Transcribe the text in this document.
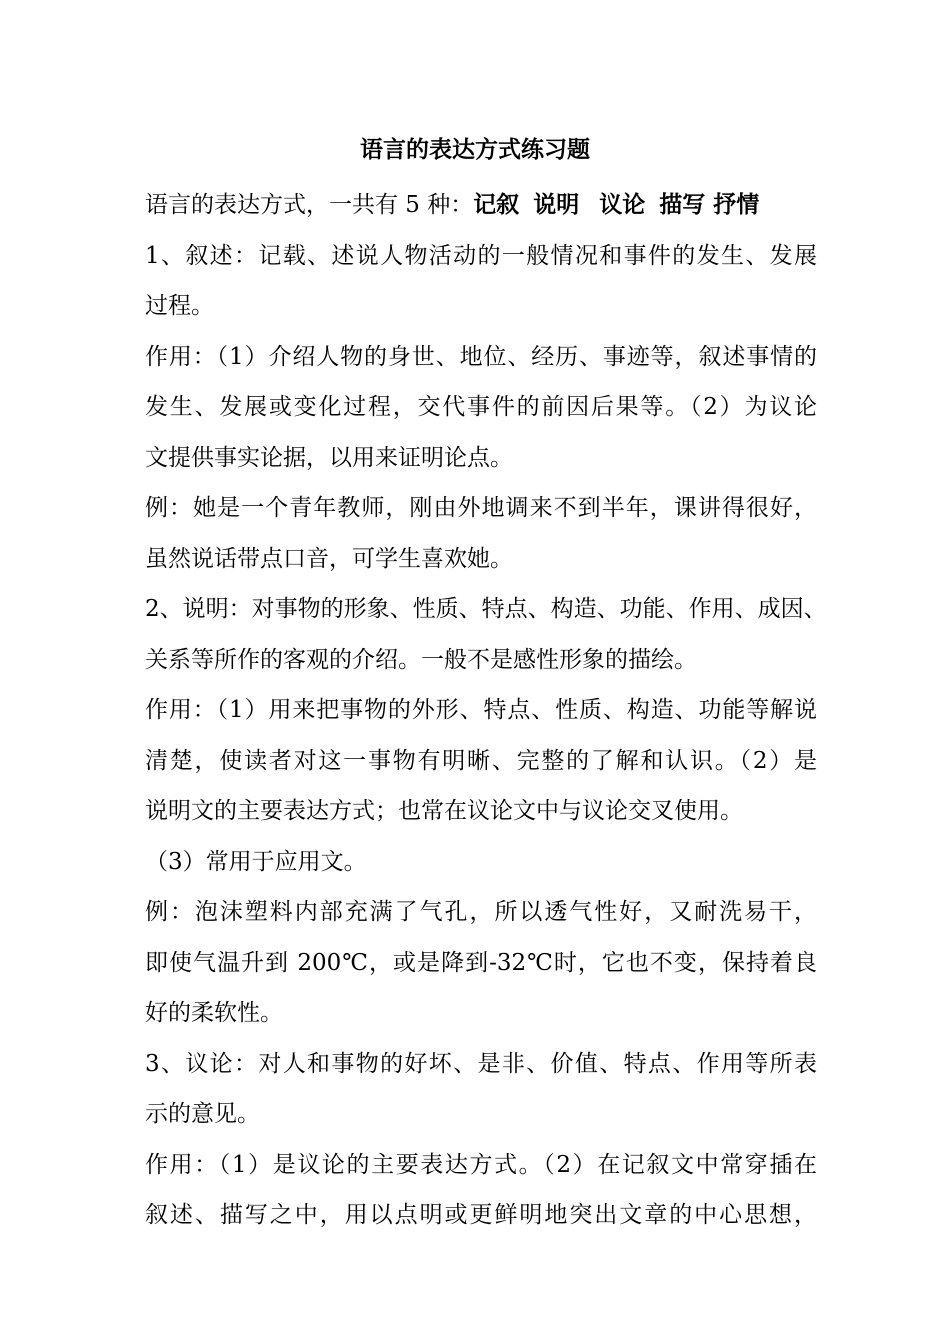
语言的表达方式练习题
语言的表达方式，一共有 5 种：记叙 说明 议论 描写 抒情
1、叙述：记载、述说人物活动的一般情况和事件的发生、发展
过程。
作用：（1）介绍人物的身世、地位、经历、事迹等，叙述事情的
发生、发展或变化过程，交代事件的前因后果等。（2）为议论
文提供事实论据，以用来证明论点。
例：她是一个青年教师，刚由外地调来不到半年，课讲得很好，
虽然说话带点口音，可学生喜欢她。
2、说明：对事物的形象、性质、特点、构造、功能、作用、成因、
关系等所作的客观的介绍。一般不是感性形象的描绘。
作用：（1）用来把事物的外形、特点、性质、构造、功能等解说
清楚，使读者对这一事物有明晰、完整的了解和认识。（2）是
说明文的主要表达方式；也常在议论文中与议论交叉使用。
（3）常用于应用文。
例：泡沫塑料内部充满了气孔，所以透气性好，又耐洗易干，
即使气温升到 200℃，或是降到-32℃时，它也不变，保持着良
好的柔软性。
3、议论：对人和事物的好坏、是非、价值、特点、作用等所表
示的意见。
作用：（1）是议论的主要表达方式。（2）在记叙文中常穿插在
叙述、描写之中，用以点明或更鲜明地突出文章的中心思想，
